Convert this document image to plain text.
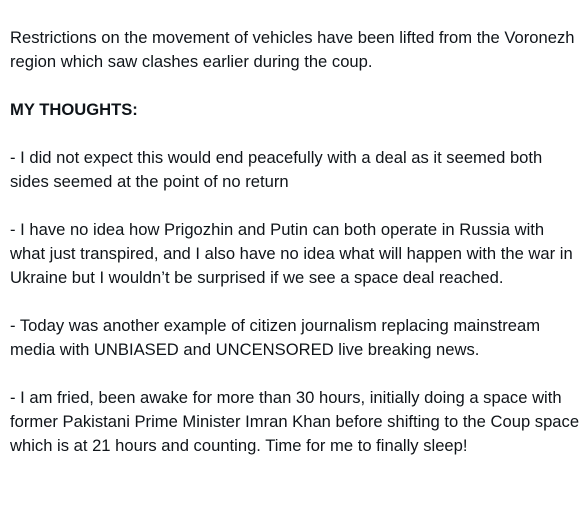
Restrictions on the movement of vehicles have been lifted from the Voronezh region which saw clashes earlier during the coup.

MY THOUGHTS:

- I did not expect this would end peacefully with a deal as it seemed both sides seemed at the point of no return

- I have no idea how Prigozhin and Putin can both operate in Russia with what just transpired, and I also have no idea what will happen with the war in Ukraine but I wouldn’t be surprised if we see a space deal reached.

- Today was another example of citizen journalism replacing mainstream media with UNBIASED and UNCENSORED live breaking news.

- I am fried, been awake for more than 30 hours, initially doing a space with former Pakistani Prime Minister Imran Khan before shifting to the Coup space which is at 21 hours and counting. Time for me to finally sleep!
